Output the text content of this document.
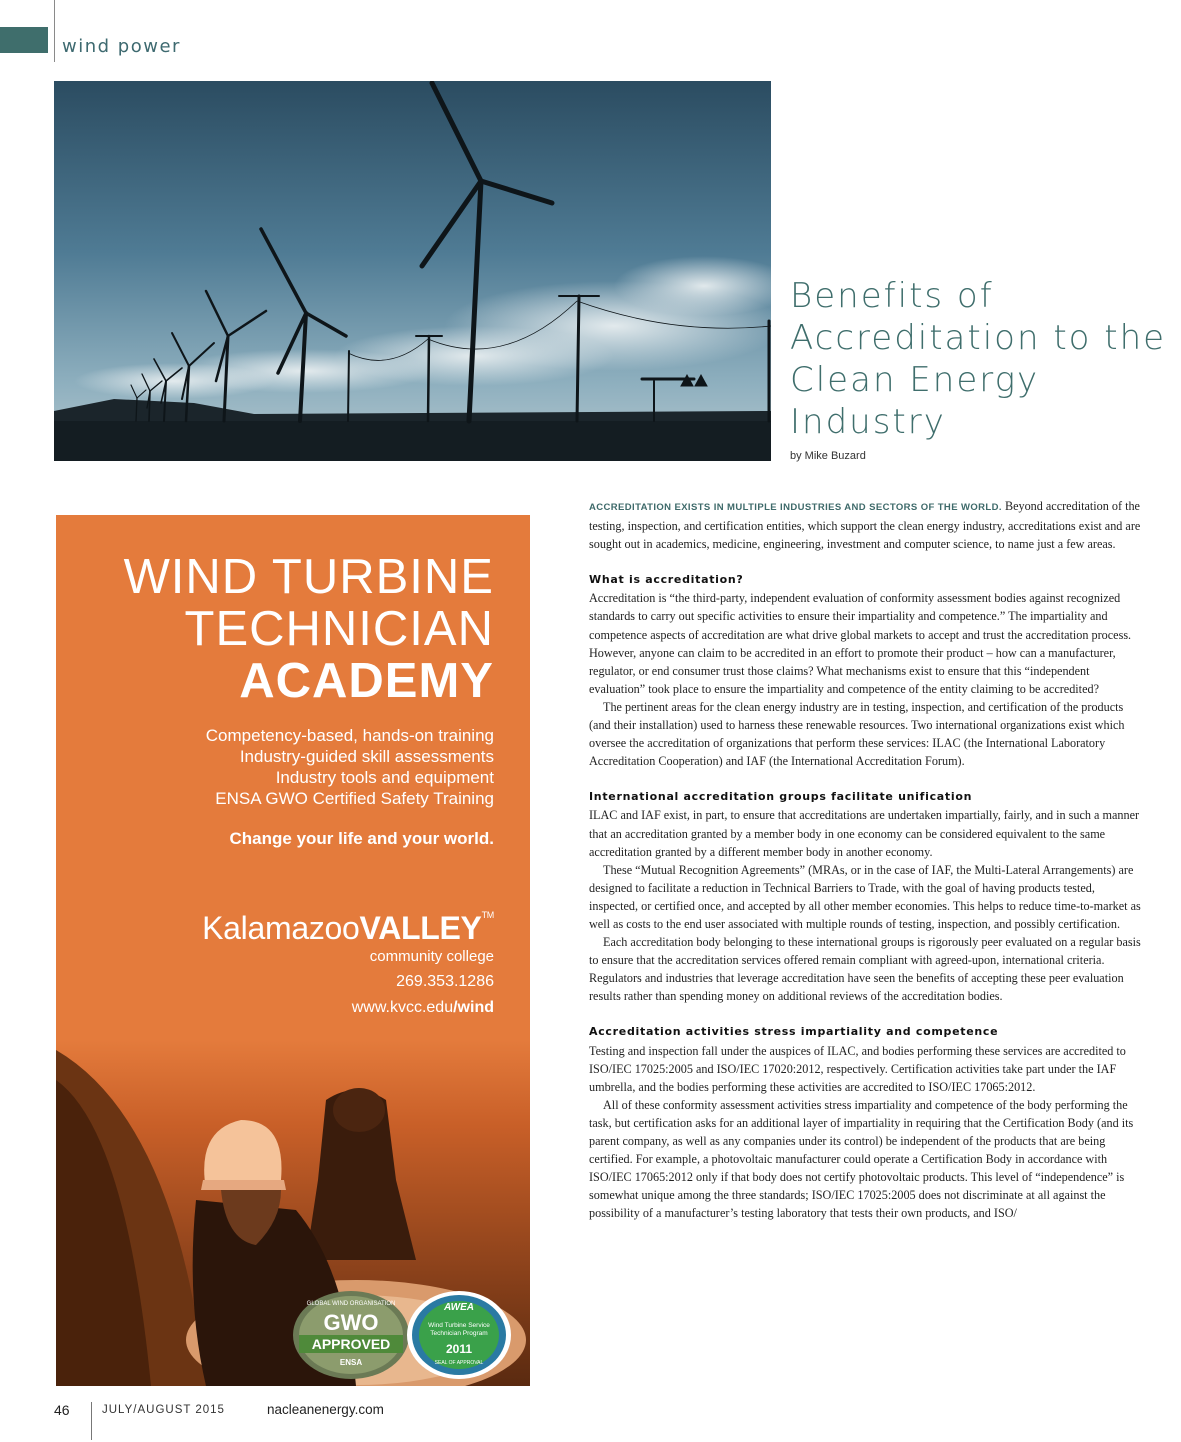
wind power
Benefits of Accreditation to the Clean Energy Industry
by Mike Buzard
WIND TURBINE
TECHNICIAN
ACADEMY
Competency-based, hands-on training
Industry-guided skill assessments
Industry tools and equipment
ENSA GWO Certified Safety Training
Change your life and your world.
KalamazooVALLEY™
community college
269.353.1286
www.kvcc.edu/wind
GLOBAL WIND ORGANISATION
GWO
APPROVED
ENSA
AWEA
Wind Turbine Service
Technician Program
2011
SEAL OF APPROVAL

ACCREDITATION EXISTS IN MULTIPLE INDUSTRIES AND SECTORS OF THE WORLD. Beyond accreditation of the testing, inspection, and certification entities, which support the clean energy industry, accreditations exist and are sought out in academics, medicine, engineering, investment and computer science, to name just a few areas.

What is accreditation?

Accreditation is “the third-party, independent evaluation of conformity assessment bodies against recognized standards to carry out specific activities to ensure their impartiality and competence.” The impartiality and competence aspects of accreditation are what drive global markets to accept and trust the accreditation process. However, anyone can claim to be accredited in an effort to promote their product – how can a manufacturer, regulator, or end consumer trust those claims? What mechanisms exist to ensure that this “independent evaluation” took place to ensure the impartiality and competence of the entity claiming to be accredited?

The pertinent areas for the clean energy industry are in testing, inspection, and certification of the products (and their installation) used to harness these renewable resources. Two international organizations exist which oversee the accreditation of organizations that perform these services: ILAC (the International Laboratory Accreditation Cooperation) and IAF (the International Accreditation Forum).

International accreditation groups facilitate unification

ILAC and IAF exist, in part, to ensure that accreditations are undertaken impartially, fairly, and in such a manner that an accreditation granted by a member body in one economy can be considered equivalent to the same accreditation granted by a different member body in another economy.

These “Mutual Recognition Agreements” (MRAs, or in the case of IAF, the Multi-Lateral Arrangements) are designed to facilitate a reduction in Technical Barriers to Trade, with the goal of having products tested, inspected, or certified once, and accepted by all other member economies. This helps to reduce time-to-market as well as costs to the end user associated with multiple rounds of testing, inspection, and possibly certification.

Each accreditation body belonging to these international groups is rigorously peer evaluated on a regular basis to ensure that the accreditation services offered remain compliant with agreed-upon, international criteria. Regulators and industries that leverage accreditation have seen the benefits of accepting these peer evaluation results rather than spending money on additional reviews of the accreditation bodies.

Accreditation activities stress impartiality and competence

Testing and inspection fall under the auspices of ILAC, and bodies performing these services are accredited to ISO/IEC 17025:2005 and ISO/IEC 17020:2012, respectively. Certification activities take part under the IAF umbrella, and the bodies performing these activities are accredited to ISO/IEC 17065:2012.

All of these conformity assessment activities stress impartiality and competence of the body performing the task, but certification asks for an additional layer of impartiality in requiring that the Certification Body (and its parent company, as well as any companies under its control) be independent of the products that are being certified. For example, a photovoltaic manufacturer could operate a Certification Body in accordance with ISO/IEC 17065:2012 only if that body does not certify photovoltaic products. This level of “independence” is somewhat unique among the three standards; ISO/IEC 17025:2005 does not discriminate at all against the possibility of a manufacturer’s testing laboratory that tests their own products, and ISO/

46	JULY/AUGUST 2015	nacleanenergy.com
